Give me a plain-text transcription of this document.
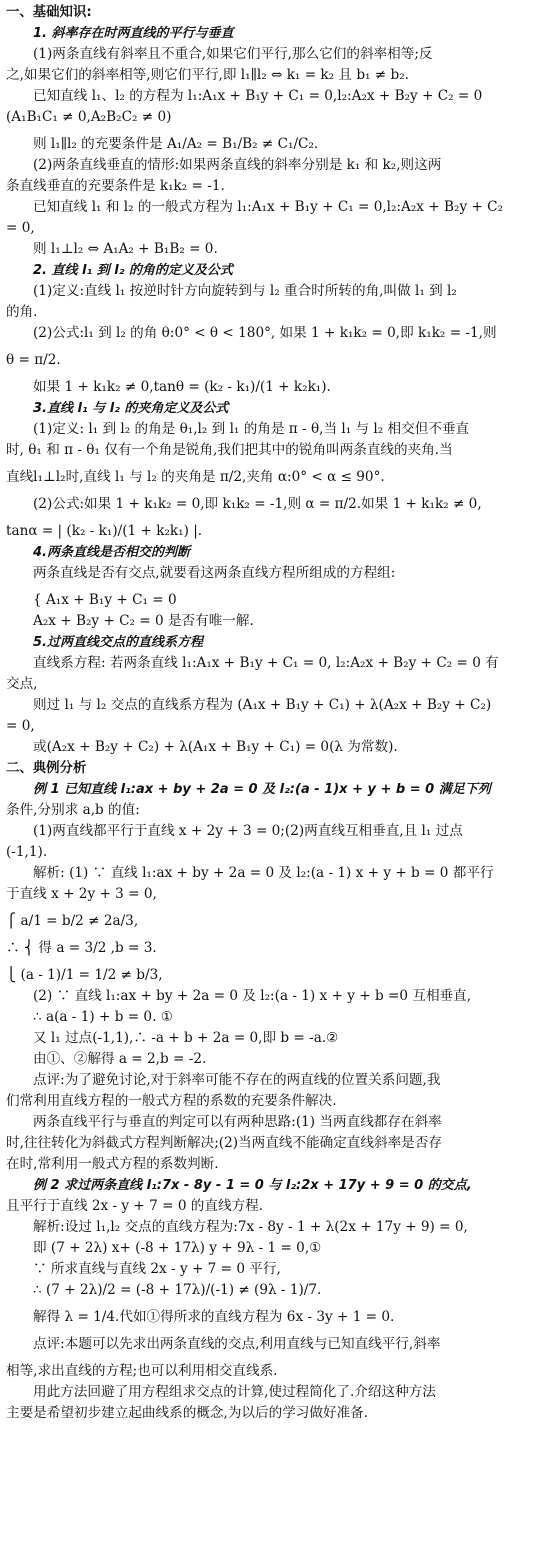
一、基础知识:
1. 斜率存在时两直线的平行与垂直
(1)两条直线有斜率且不重合,如果它们平行,那么它们的斜率相等;反
之,如果它们的斜率相等,则它们平行,即 l₁∥l₂ ⇔ k₁ = k₂ 且 b₁ ≠ b₂.
已知直线 l₁、l₂ 的方程为 l₁:A₁x + B₁y + C₁ = 0,l₂:A₂x + B₂y + C₂ = 0
(A₁B₁C₁ ≠ 0,A₂B₂C₂ ≠ 0)
则 l₁∥l₂ 的充要条件是 A₁/A₂ = B₁/B₂ ≠ C₁/C₂.
(2)两条直线垂直的情形:如果两条直线的斜率分别是 k₁ 和 k₂,则这两
条直线垂直的充要条件是 k₁k₂ = -1.
已知直线 l₁ 和 l₂ 的一般式方程为 l₁:A₁x + B₁y + C₁ = 0,l₂:A₂x + B₂y + C₂
= 0,
则 l₁⊥l₂ ⇔ A₁A₂ + B₁B₂ = 0.
2. 直线 l₁ 到 l₂ 的角的定义及公式
(1)定义:直线 l₁ 按逆时针方向旋转到与 l₂ 重合时所转的角,叫做 l₁ 到 l₂
的角.
(2)公式:l₁ 到 l₂ 的角 θ:0° < θ < 180°, 如果 1 + k₁k₂ = 0,即 k₁k₂ = -1,则
θ = π/2.
如果 1 + k₁k₂ ≠ 0,tanθ = (k₂ - k₁)/(1 + k₂k₁).
3.直线 l₁ 与 l₂ 的夹角定义及公式
(1)定义: l₁ 到 l₂ 的角是 θ₁,l₂ 到 l₁ 的角是 π - θ,当 l₁ 与 l₂ 相交但不垂直
时, θ₁ 和 π - θ₁ 仅有一个角是锐角,我们把其中的锐角叫两条直线的夹角.当
直线l₁⊥l₂时,直线 l₁ 与 l₂ 的夹角是 π/2,夹角 α:0° < α ≤ 90°.
(2)公式:如果 1 + k₁k₂ = 0,即 k₁k₂ = -1,则 α = π/2.如果 1 + k₁k₂ ≠ 0,
tanα = | (k₂ - k₁)/(1 + k₂k₁) |.
4.两条直线是否相交的判断
两条直线是否有交点,就要看这两条直线方程所组成的方程组:
{ A₁x + B₁y + C₁ = 0
A₂x + B₂y + C₂ = 0 是否有唯一解.
5.过两直线交点的直线系方程
直线系方程: 若两条直线 l₁:A₁x + B₁y + C₁ = 0, l₂:A₂x + B₂y + C₂ = 0 有
交点,
则过 l₁ 与 l₂ 交点的直线系方程为 (A₁x + B₁y + C₁) + λ(A₂x + B₂y + C₂)
= 0,
或(A₂x + B₂y + C₂) + λ(A₁x + B₁y + C₁) = 0(λ 为常数).
二、典例分析
例 1 已知直线 l₁:ax + by + 2a = 0 及 l₂:(a - 1)x + y + b = 0 满足下列
条件,分别求 a,b 的值:
(1)两直线都平行于直线 x + 2y + 3 = 0;(2)两直线互相垂直,且 l₁ 过点
(-1,1).
解析: (1) ∵ 直线 l₁:ax + by + 2a = 0 及 l₂:(a - 1) x + y + b = 0 都平行
于直线 x + 2y + 3 = 0,
⎧ a/1 = b/2 ≠ 2a/3,
∴ ⎨ 得 a = 3/2 ,b = 3.
⎩ (a - 1)/1 = 1/2 ≠ b/3,
(2) ∵ 直线 l₁:ax + by + 2a = 0 及 l₂:(a - 1) x + y + b =0 互相垂直,
∴ a(a - 1) + b = 0. ①
又 l₁ 过点(-1,1),∴ -a + b + 2a = 0,即 b = -a.②
由①、②解得 a = 2,b = -2.
点评:为了避免讨论,对于斜率可能不存在的两直线的位置关系问题,我
们常利用直线方程的一般式方程的系数的充要条件解决.
两条直线平行与垂直的判定可以有两种思路:(1) 当两直线都存在斜率
时,往往转化为斜截式方程判断解决;(2)当两直线不能确定直线斜率是否存
在时,常利用一般式方程的系数判断.
例 2 求过两条直线 l₁:7x - 8y - 1 = 0 与 l₂:2x + 17y + 9 = 0 的交点,
且平行于直线 2x - y + 7 = 0 的直线方程.
解析:设过 l₁,l₂ 交点的直线方程为:7x - 8y - 1 + λ(2x + 17y + 9) = 0,
即 (7 + 2λ) x+ (-8 + 17λ) y + 9λ - 1 = 0,①
∵ 所求直线与直线 2x - y + 7 = 0 平行,
∴ (7 + 2λ)/2 = (-8 + 17λ)/(-1) ≠ (9λ - 1)/7.
解得 λ = 1/4.代如①得所求的直线方程为 6x - 3y + 1 = 0.
点评:本题可以先求出两条直线的交点,利用直线与已知直线平行,斜率
相等,求出直线的方程;也可以利用相交直线系.
用此方法回避了用方程组求交点的计算,使过程简化了.介绍这种方法
主要是希望初步建立起曲线系的概念,为以后的学习做好准备.
